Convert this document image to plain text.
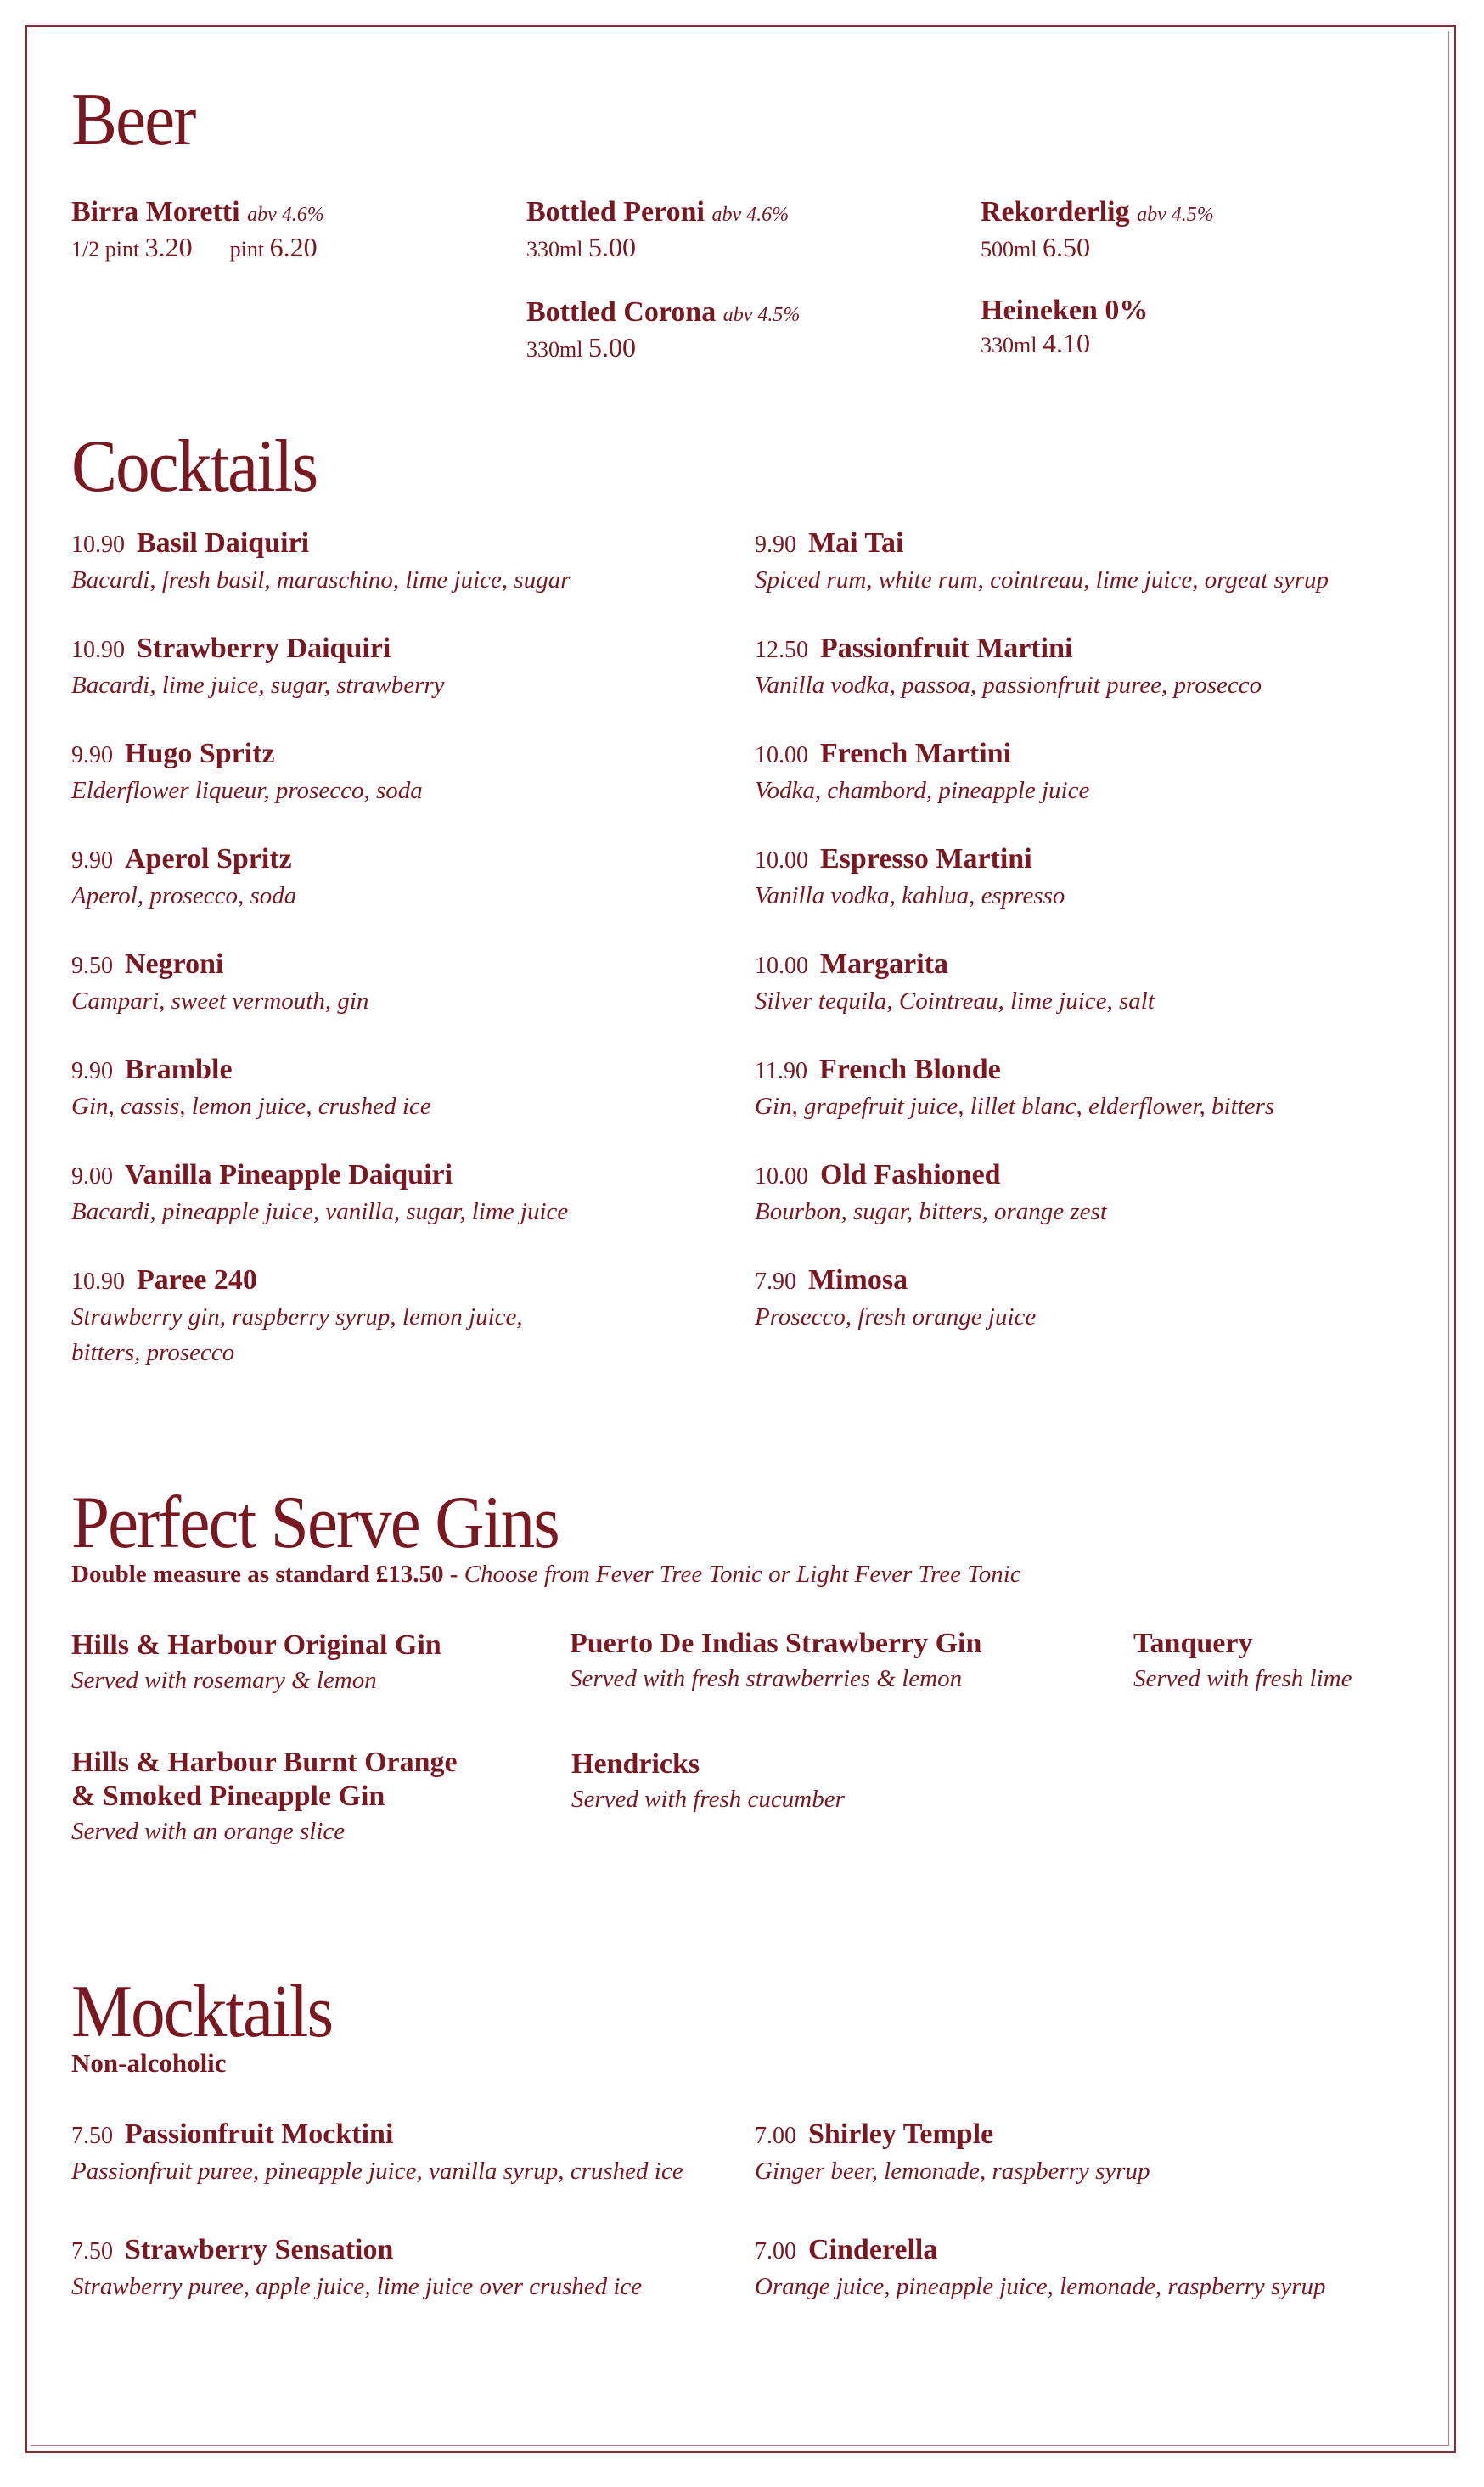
Beer
Birra Moretti abv 4.6%
1/2 pint 3.20 pint 6.20
Bottled Peroni abv 4.6%
330ml 5.00
Rekorderlig abv 4.5%
500ml 6.50
Bottled Corona abv 4.5%
330ml 5.00
Heineken 0%
330ml 4.10
Cocktails
10.90 Basil Daiquiri
Bacardi, fresh basil, maraschino, lime juice, sugar
10.90 Strawberry Daiquiri
Bacardi, lime juice, sugar, strawberry
9.90 Hugo Spritz
Elderflower liqueur, prosecco, soda
9.90 Aperol Spritz
Aperol, prosecco, soda
9.50 Negroni
Campari, sweet vermouth, gin
9.90 Bramble
Gin, cassis, lemon juice, crushed ice
9.00 Vanilla Pineapple Daiquiri
Bacardi, pineapple juice, vanilla, sugar, lime juice
10.90 Paree 240
Strawberry gin, raspberry syrup, lemon juice,
bitters, prosecco
9.90 Mai Tai
Spiced rum, white rum, cointreau, lime juice, orgeat syrup
12.50 Passionfruit Martini
Vanilla vodka, passoa, passionfruit puree, prosecco
10.00 French Martini
Vodka, chambord, pineapple juice
10.00 Espresso Martini
Vanilla vodka, kahlua, espresso
10.00 Margarita
Silver tequila, Cointreau, lime juice, salt
11.90 French Blonde
Gin, grapefruit juice, lillet blanc, elderflower, bitters
10.00 Old Fashioned
Bourbon, sugar, bitters, orange zest
7.90 Mimosa
Prosecco, fresh orange juice
Perfect Serve Gins
Double measure as standard £13.50 - Choose from Fever Tree Tonic or Light Fever Tree Tonic
Hills & Harbour Original Gin
Served with rosemary & lemon
Puerto De Indias Strawberry Gin
Served with fresh strawberries & lemon
Tanquery
Served with fresh lime
Hills & Harbour Burnt Orange
& Smoked Pineapple Gin
Served with an orange slice
Hendricks
Served with fresh cucumber
Mocktails
Non-alcoholic
7.50 Passionfruit Mocktini
Passionfruit puree, pineapple juice, vanilla syrup, crushed ice
7.50 Strawberry Sensation
Strawberry puree, apple juice, lime juice over crushed ice
7.00 Shirley Temple
Ginger beer, lemonade, raspberry syrup
7.00 Cinderella
Orange juice, pineapple juice, lemonade, raspberry syrup
